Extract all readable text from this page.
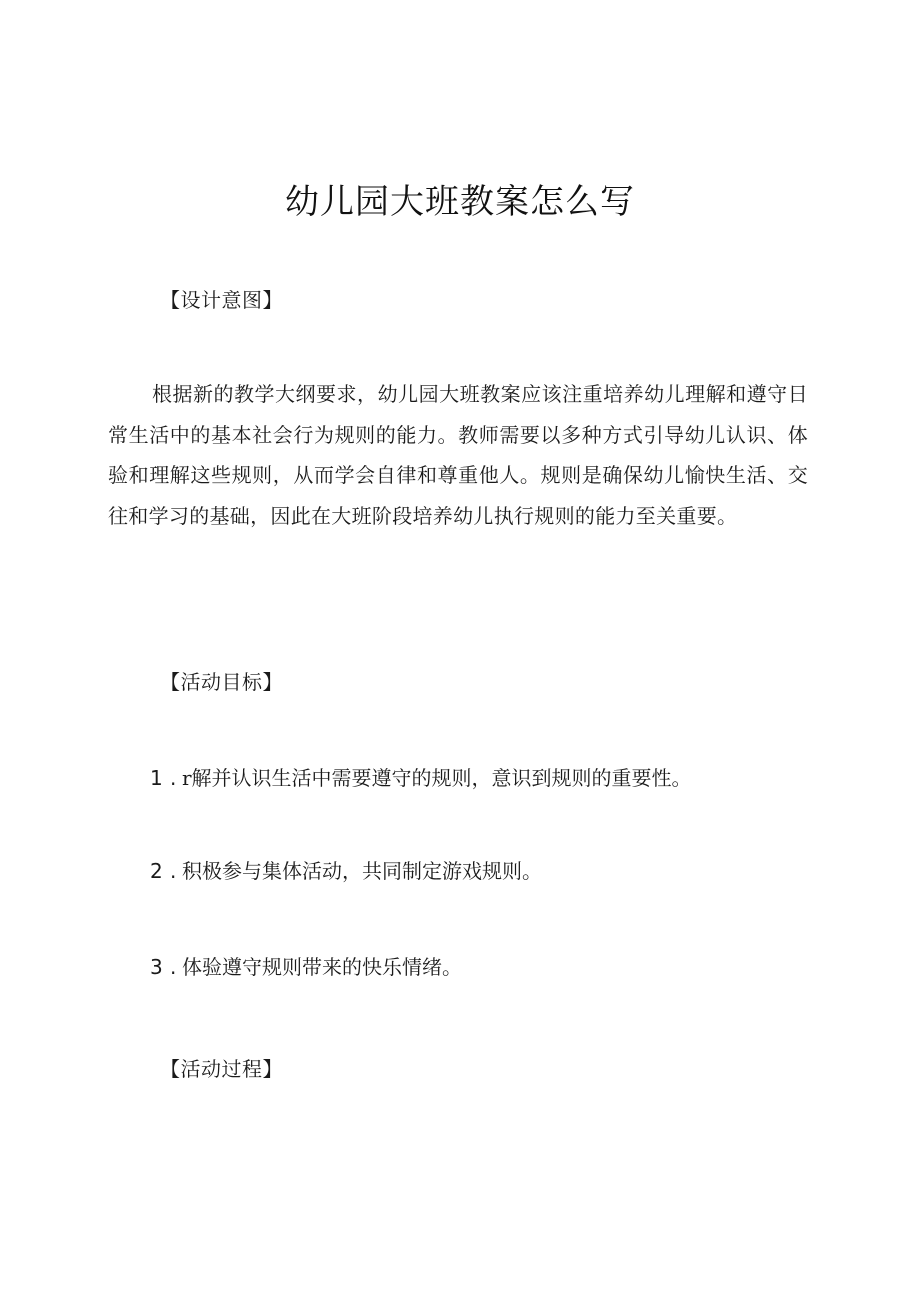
幼儿园大班教案怎么写
【设计意图】
根据新的教学大纲要求，幼儿园大班教案应该注重培养幼儿理解和遵守日常生活中的基本社会行为规则的能力。教师需要以多种方式引导幼儿认识、体验和理解这些规则，从而学会自律和尊重他人。规则是确保幼儿愉快生活、交往和学习的基础，因此在大班阶段培养幼儿执行规则的能力至关重要。
【活动目标】
1 . r解并认识生活中需要遵守的规则，意识到规则的重要性。
2 . 积极参与集体活动，共同制定游戏规则。
3 . 体验遵守规则带来的快乐情绪。
【活动过程】
